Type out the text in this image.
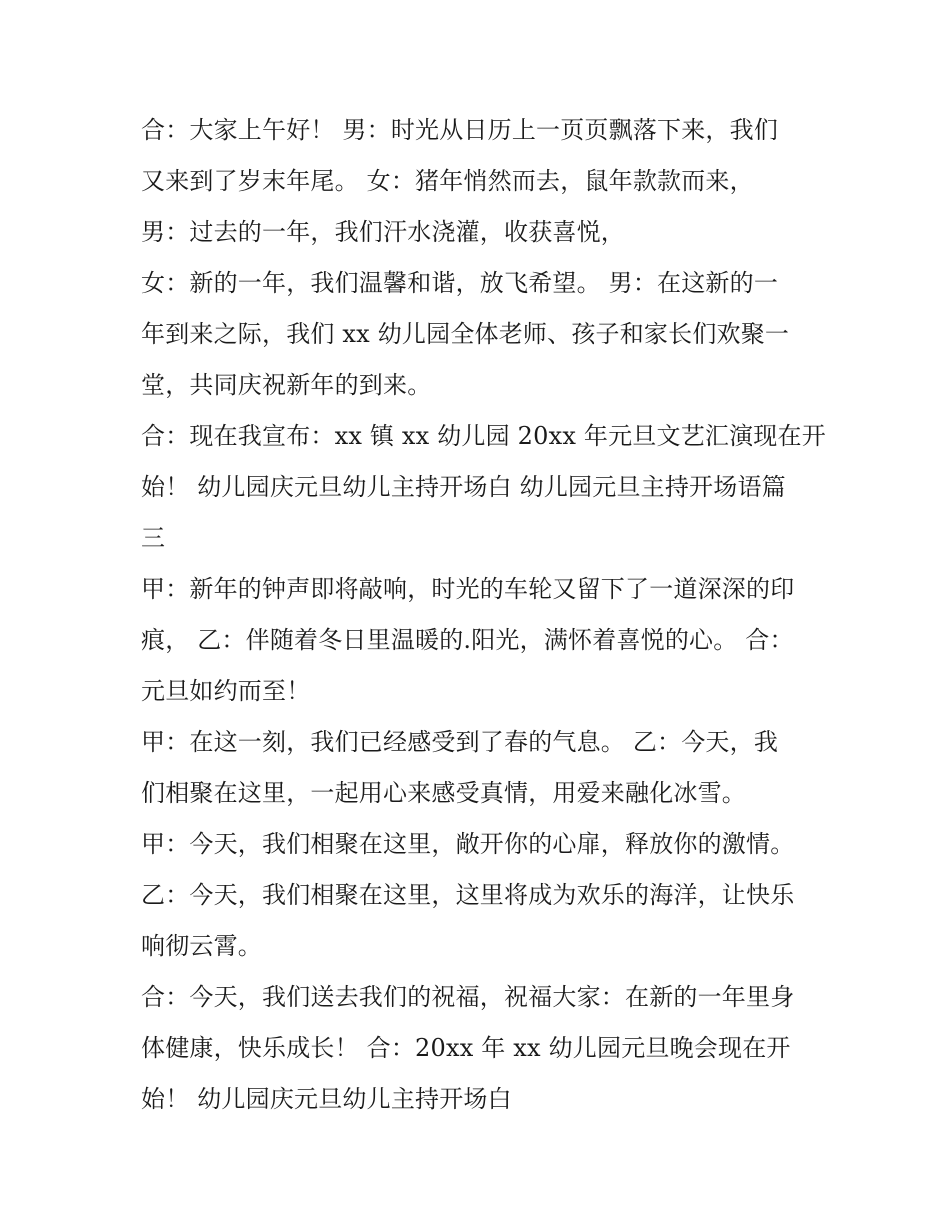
合：大家上午好！ 男：时光从日历上一页页飘落下来，我们
又来到了岁末年尾。 女：猪年悄然而去，鼠年款款而来，
男：过去的一年，我们汗水浇灌，收获喜悦，
女：新的一年，我们温馨和谐，放飞希望。 男：在这新的一
年到来之际，我们 xx 幼儿园全体老师、孩子和家长们欢聚一
堂，共同庆祝新年的到来。
合：现在我宣布：xx 镇 xx 幼儿园 20xx 年元旦文艺汇演现在开
始！ 幼儿园庆元旦幼儿主持开场白 幼儿园元旦主持开场语篇
三
甲：新年的钟声即将敲响，时光的车轮又留下了一道深深的印
痕， 乙：伴随着冬日里温暖的.阳光，满怀着喜悦的心。 合：
元旦如约而至！
甲：在这一刻，我们已经感受到了春的气息。 乙：今天，我
们相聚在这里，一起用心来感受真情，用爱来融化冰雪。
甲：今天，我们相聚在这里，敞开你的心扉，释放你的激情。
乙：今天，我们相聚在这里，这里将成为欢乐的海洋，让快乐
响彻云霄。
合：今天，我们送去我们的祝福，祝福大家：在新的一年里身
体健康，快乐成长！ 合：20xx 年 xx 幼儿园元旦晚会现在开
始！ 幼儿园庆元旦幼儿主持开场白
